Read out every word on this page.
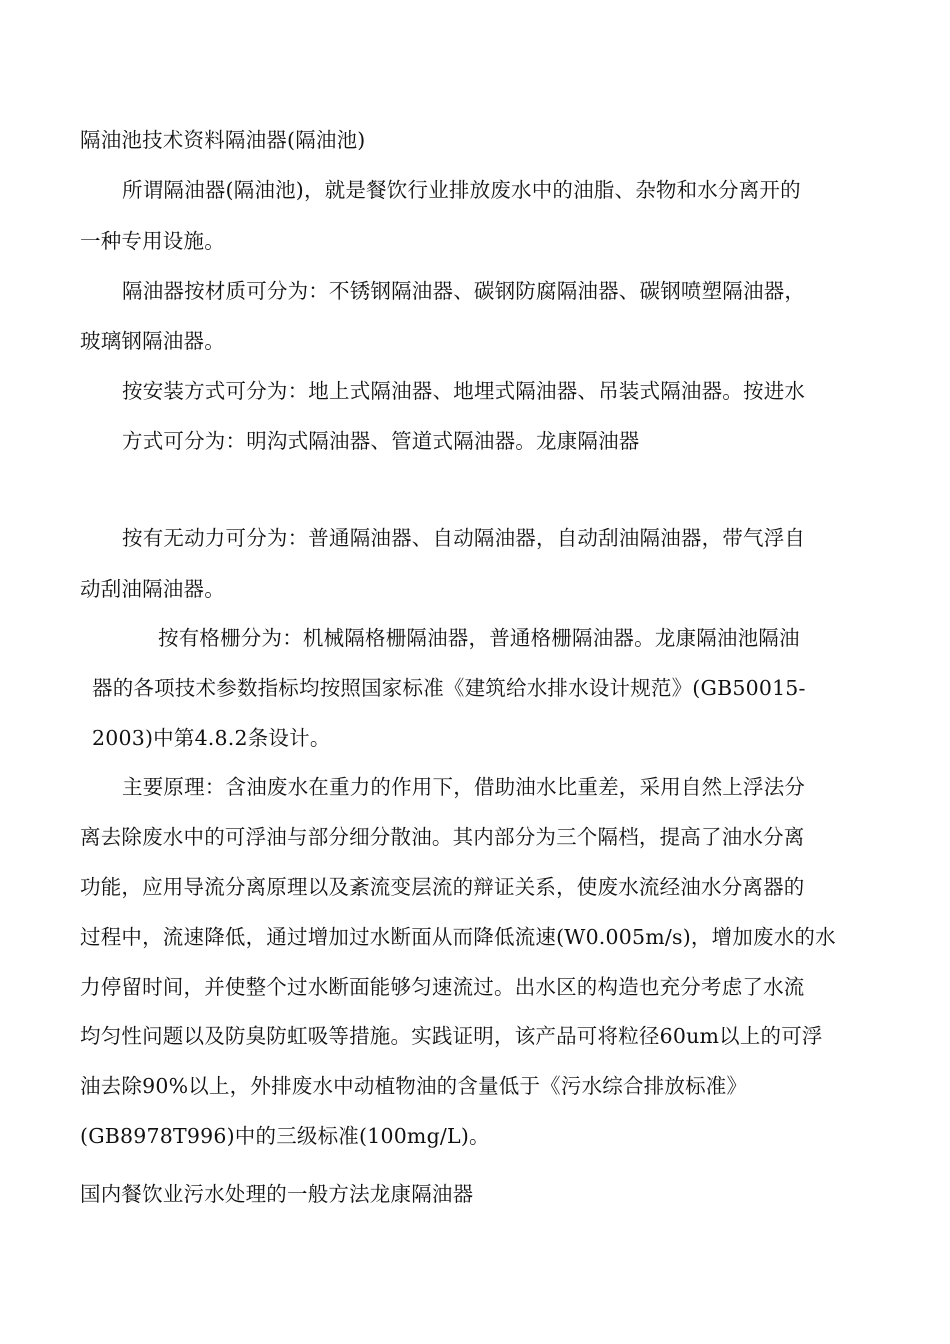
隔油池技术资料隔油器(隔油池)

所谓隔油器(隔油池)，就是餐饮行业排放废水中的油脂、杂物和水分离开的

一种专用设施。

隔油器按材质可分为：不锈钢隔油器、碳钢防腐隔油器、碳钢喷塑隔油器，

玻璃钢隔油器。

按安装方式可分为：地上式隔油器、地埋式隔油器、吊装式隔油器。按进水

方式可分为：明沟式隔油器、管道式隔油器。龙康隔油器

按有无动力可分为：普通隔油器、自动隔油器，自动刮油隔油器，带气浮自

动刮油隔油器。

按有格栅分为：机械隔格栅隔油器，普通格栅隔油器。龙康隔油池隔油

器的各项技术参数指标均按照国家标准《建筑给水排水设计规范》(GB50015-

2003)中第4.8.2条设计。

主要原理：含油废水在重力的作用下，借助油水比重差，采用自然上浮法分

离去除废水中的可浮油与部分细分散油。其内部分为三个隔档，提高了油水分离

功能，应用导流分离原理以及紊流变层流的辩证关系，使废水流经油水分离器的

过程中，流速降低，通过增加过水断面从而降低流速(W0.005m/s)，增加废水的水

力停留时间，并使整个过水断面能够匀速流过。出水区的构造也充分考虑了水流

均匀性问题以及防臭防虹吸等措施。实践证明，该产品可将粒径60um以上的可浮

油去除90%以上，外排废水中动植物油的含量低于《污水综合排放标准》

(GB8978T996)中的三级标准(100mg/L)。

国内餐饮业污水处理的一般方法龙康隔油器
